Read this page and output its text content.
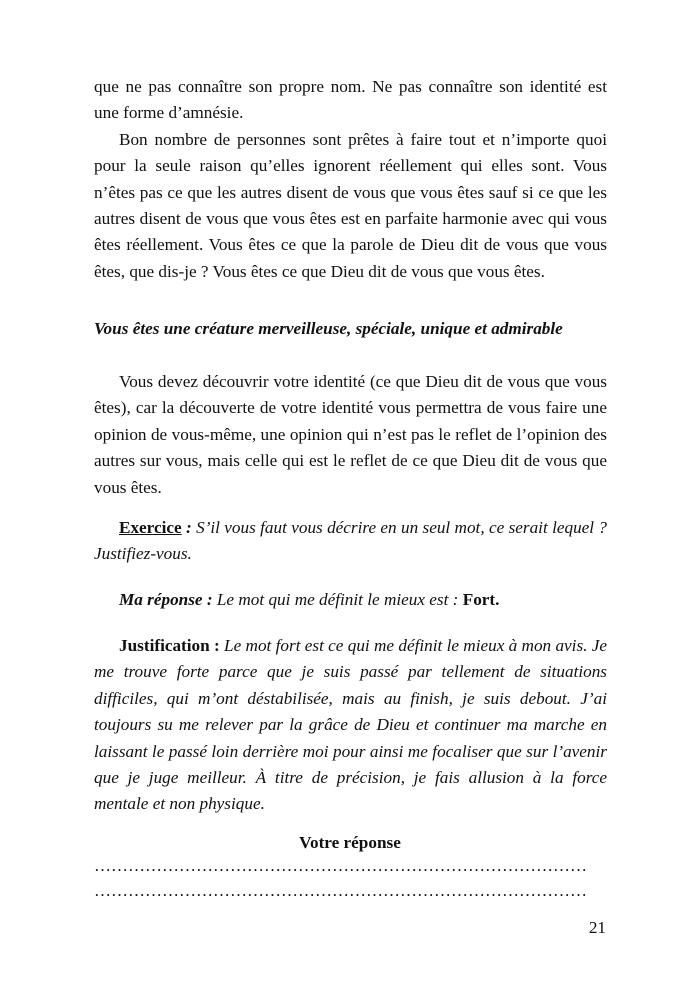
que ne pas connaître son propre nom. Ne pas connaître son identité est une forme d’amnésie.

Bon nombre de personnes sont prêtes à faire tout et n’importe quoi pour la seule raison qu’elles ignorent réellement qui elles sont. Vous n’êtes pas ce que les autres disent de vous que vous êtes sauf si ce que les autres disent de vous que vous êtes est en parfaite harmonie avec qui vous êtes réellement. Vous êtes ce que la parole de Dieu dit de vous que vous êtes, que dis-je ? Vous êtes ce que Dieu dit de vous que vous êtes.

Vous êtes une créature merveilleuse, spéciale, unique et admirable

Vous devez découvrir votre identité (ce que Dieu dit de vous que vous êtes), car la découverte de votre identité vous permettra de vous faire une opinion de vous-même, une opinion qui n’est pas le reflet de l’opinion des autres sur vous, mais celle qui est le reflet de ce que Dieu dit de vous que vous êtes.

Exercice : S’il vous faut vous décrire en un seul mot, ce serait lequel ? Justifiez-vous.

Ma réponse : Le mot qui me définit le mieux est : Fort.

Justification : Le mot fort est ce qui me définit le mieux à mon avis. Je me trouve forte parce que je suis passé par tellement de situations difficiles, qui m’ont déstabilisée, mais au finish, je suis debout. J’ai toujours su me relever par la grâce de Dieu et continuer ma marche en laissant le passé loin derrière moi pour ainsi me focaliser que sur l’avenir que je juge meilleur. À titre de précision, je fais allusion à la force mentale et non physique.

Votre réponse
……………………………………………………………………………
……………………………………………………………………………
21
